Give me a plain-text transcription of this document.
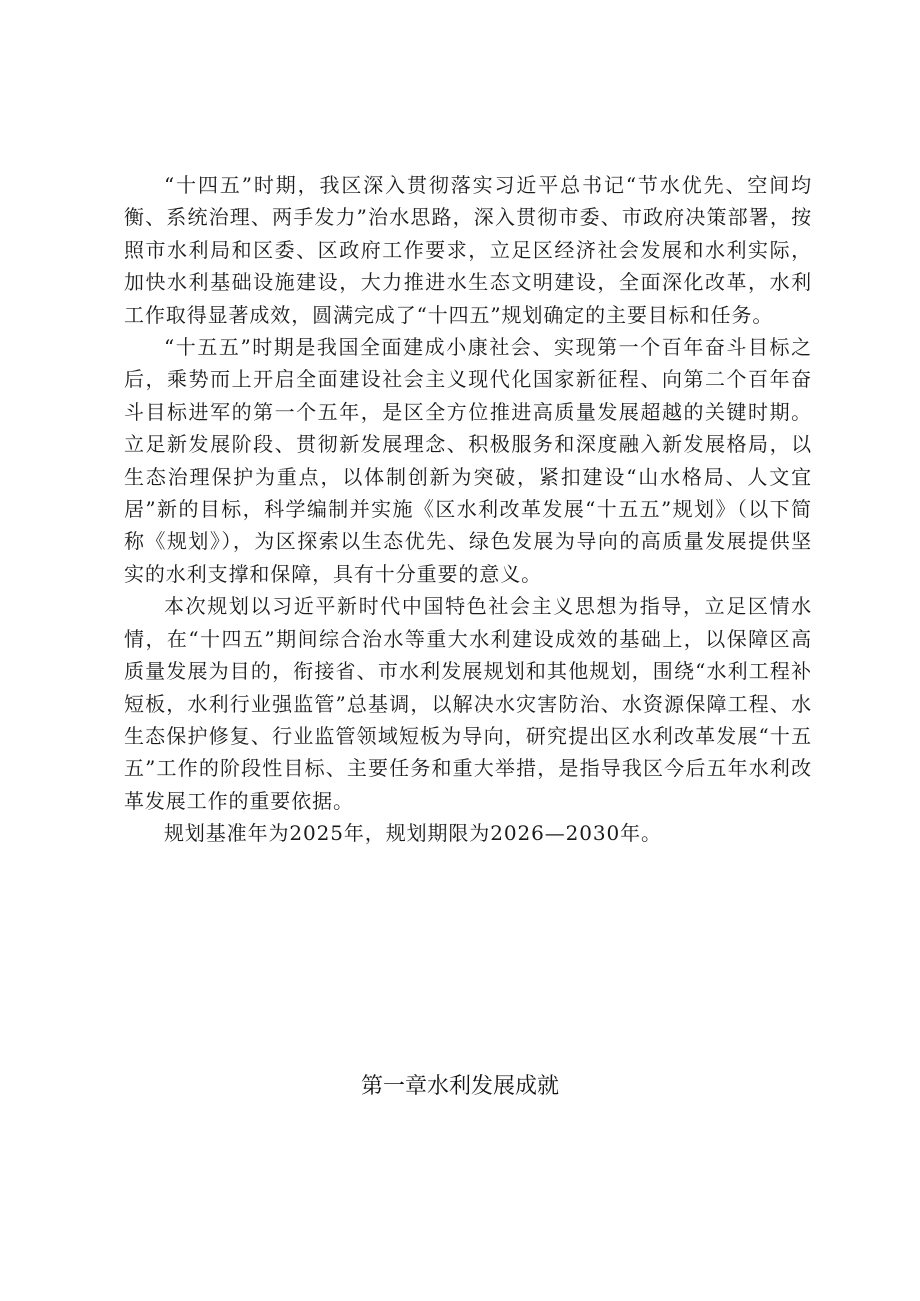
“十四五”时期，我区深入贯彻落实习近平总书记“节水优先、空间均衡、系统治理、两手发力”治水思路，深入贯彻市委、市政府决策部署，按照市水利局和区委、区政府工作要求，立足区经济社会发展和水利实际，加快水利基础设施建设，大力推进水生态文明建设，全面深化改革，水利工作取得显著成效，圆满完成了“十四五”规划确定的主要目标和任务。

“十五五”时期是我国全面建成小康社会、实现第一个百年奋斗目标之后，乘势而上开启全面建设社会主义现代化国家新征程、向第二个百年奋斗目标进军的第一个五年，是区全方位推进高质量发展超越的关键时期。立足新发展阶段、贯彻新发展理念、积极服务和深度融入新发展格局，以生态治理保护为重点，以体制创新为突破，紧扣建设“山水格局、人文宜居”新的目标，科学编制并实施《区水利改革发展“十五五”规划》（以下简称《规划》），为区探索以生态优先、绿色发展为导向的高质量发展提供坚实的水利支撑和保障，具有十分重要的意义。

本次规划以习近平新时代中国特色社会主义思想为指导，立足区情水情，在“十四五”期间综合治水等重大水利建设成效的基础上，以保障区高质量发展为目的，衔接省、市水利发展规划和其他规划，围绕“水利工程补短板，水利行业强监管”总基调，以解决水灾害防治、水资源保障工程、水生态保护修复、行业监管领域短板为导向，研究提出区水利改革发展“十五五”工作的阶段性目标、主要任务和重大举措，是指导我区今后五年水利改革发展工作的重要依据。

规划基准年为2025年，规划期限为2026—2030年。

第一章水利发展成就
